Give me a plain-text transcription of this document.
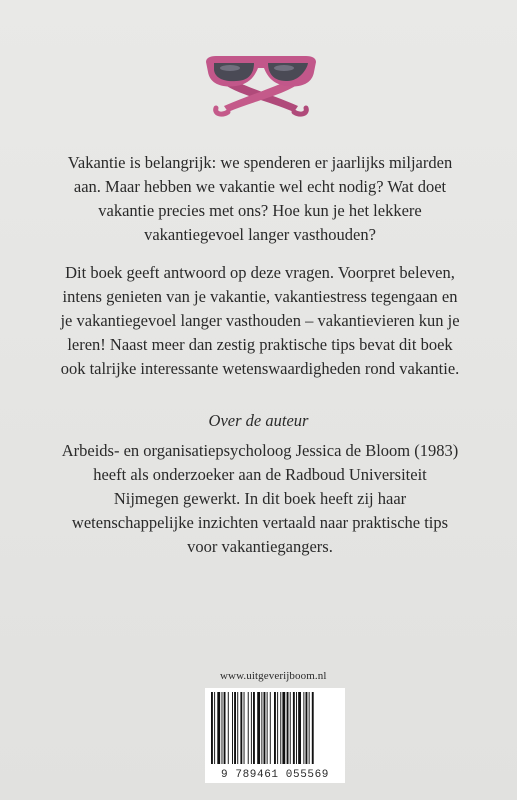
Vakantie is belangrijk: we spenderen er jaarlijks miljarden aan. Maar hebben we vakantie wel echt nodig? Wat doet vakantie precies met ons? Hoe kun je het lekkere vakantiegevoel langer vasthouden?

Dit boek geeft antwoord op deze vragen. Voorpret beleven, intens genieten van je vakantie, vakantiestress tegengaan en je vakantiegevoel langer vasthouden – vakantievieren kun je leren! Naast meer dan zestig praktische tips bevat dit boek ook talrijke interessante wetenswaardigheden rond vakantie.

Over de auteur

Arbeids- en organisatiepsycholoog Jessica de Bloom (1983) heeft als onderzoeker aan de Radboud Universiteit Nijmegen gewerkt. In dit boek heeft zij haar wetenschappelijke inzichten vertaald naar praktische tips voor vakantiegangers.

www.uitgeverijboom.nl

9 789461 055569
